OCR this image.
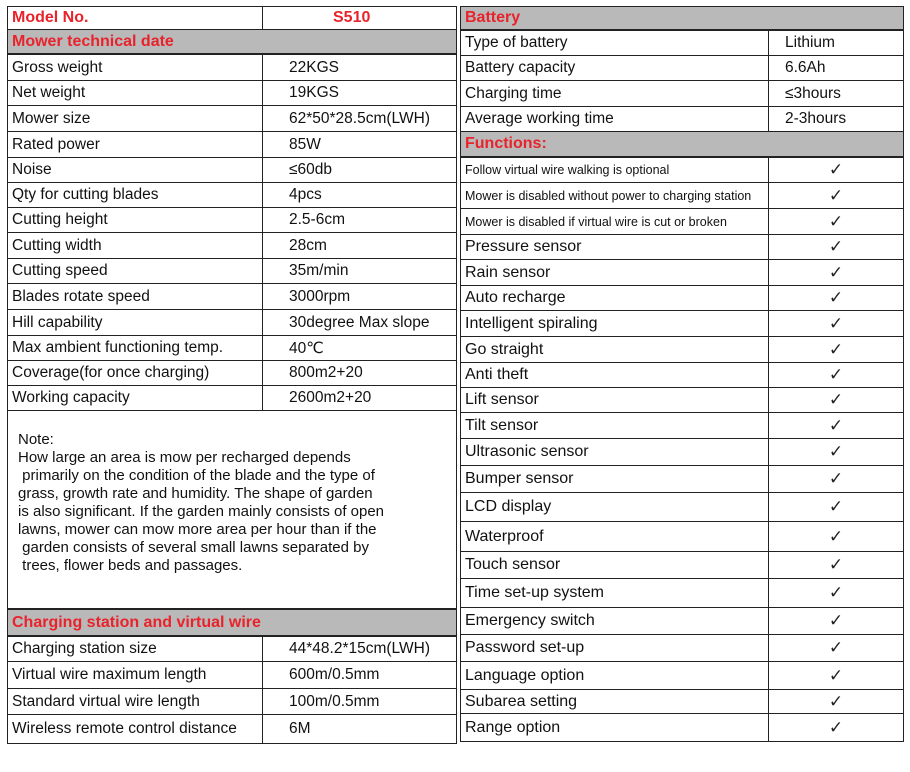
Model No.	S510
Mower technical date
Gross weight	22KGS
Net weight	19KGS
Mower size	62*50*28.5cm(LWH)
Rated power	85W
Noise	≤60db
Qty for cutting blades	4pcs
Cutting height	2.5-6cm
Cutting width	28cm
Cutting speed	35m/min
Blades rotate speed	3000rpm
Hill capability	30degree Max slope
Max ambient functioning temp.	40℃
Coverage(for once charging)	800m2+20
Working capacity	2600m2+20
Note:
How large an area is mow per recharged depends
primarily on the condition of the blade and the type of
grass, growth rate and humidity. The shape of garden
is also significant. If the garden mainly consists of open
lawns, mower can mow more area per hour than if the
garden consists of several small lawns separated by
trees, flower beds and passages.
Charging station and virtual wire
Charging station size	44*48.2*15cm(LWH)
Virtual wire maximum length	600m/0.5mm
Standard virtual wire length	100m/0.5mm
Wireless remote control distance	6M
Battery
Type of battery	Lithium
Battery capacity	6.6Ah
Charging time	≤3hours
Average working time	2-3hours
Functions:
Follow virtual wire walking is optional	✓
Mower is disabled without power to charging station	✓
Mower is disabled if virtual wire is cut or broken	✓
Pressure sensor	✓
Rain sensor	✓
Auto recharge	✓
Intelligent spiraling	✓
Go straight	✓
Anti theft	✓
Lift sensor	✓
Tilt sensor	✓
Ultrasonic sensor	✓
Bumper sensor	✓
LCD display	✓
Waterproof	✓
Touch sensor	✓
Time set-up system	✓
Emergency switch	✓
Password set-up	✓
Language option	✓
Subarea setting	✓
Range option	✓
